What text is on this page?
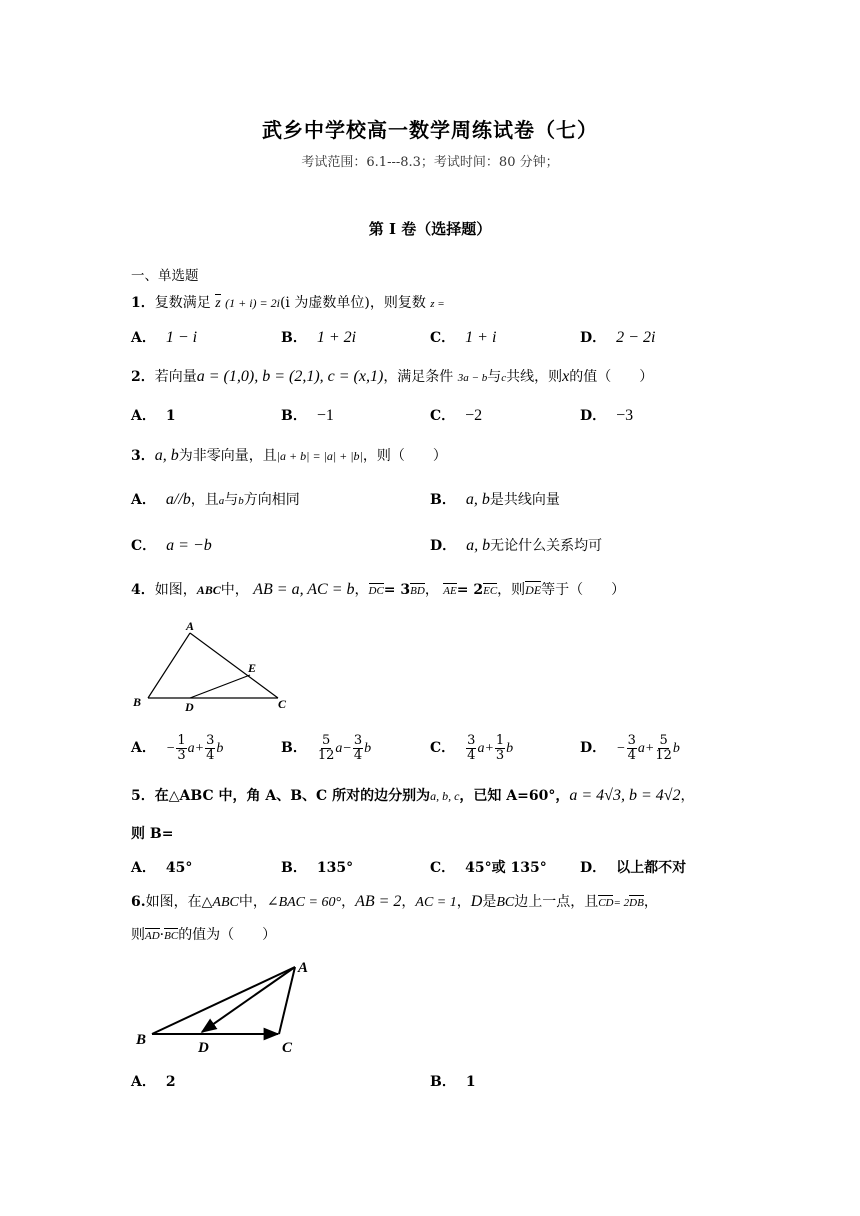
武乡中学校高一数学周练试卷（七）
考试范围：6.1---8.3；考试时间：80 分钟；
第 I 卷（选择题）
一、单选题
1．复数满足 z (1 + i) = 2i(i 为虚数单位)，则复数 z =
A． 1 − i	B． 1 + 2i	C． 1 + i	D． 2 − 2i
2．若向量a = (1,0), b = (2,1), c = (x,1)，满足条件 3a − b与c共线，则x的值（　　）
A． 1	B． −1	C． −2	D． −3
3．a, b为非零向量，且|a + b| = |a| + |b|，则（　　）
A． a//b，且a与b方向相同	B． a, b是共线向量
C． a = −b	D． a, b无论什么关系均可
4．如图，ABC中， AB = a, AC = b，DC= 3BD， AE= 2EC，则DE等于（　　）
A
B	C
D
E
A． − $\frac{1}{3} a+ \frac{3}{4}$ b	B． $\frac{5}{12} a- \frac{3}{4}$ b	C． $\frac{3}{4} a+ \frac{1}{3}$ b	D． − $\frac{3}{4} a+ \frac{5}{12}$ b
5．在△ABC 中，角 A、B、C 所对的边分别为a, b, c，已知 A=60°，a = 4√3, b = 4√2，
则 B=
A． 45°	B． 135°	C． 45°或 135° D． 以上都不对
6.如图，在△ABC中，∠BAC = 60°，AB = 2，AC = 1，D是BC边上一点，且CD= 2DB，
则AD·BC的值为（　　）
A
B	C
D
A． 2	B． 1
